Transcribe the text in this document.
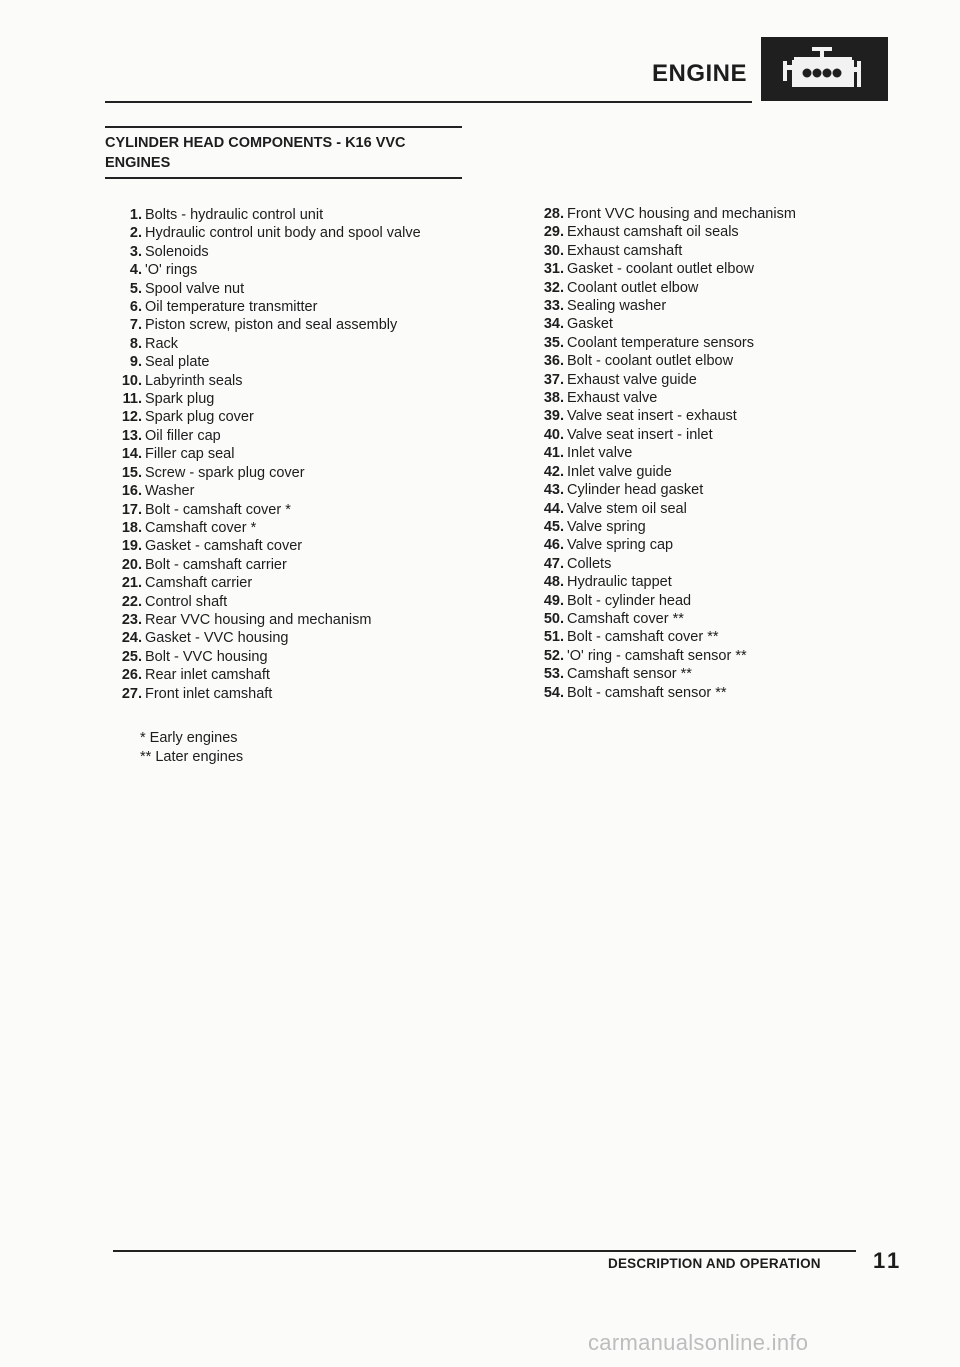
ENGINE
CYLINDER HEAD COMPONENTS - K16 VVC ENGINES
1. Bolts - hydraulic control unit
2. Hydraulic control unit body and spool valve
3. Solenoids
4. 'O' rings
5. Spool valve nut
6. Oil temperature transmitter
7. Piston screw, piston and seal assembly
8. Rack
9. Seal plate
10. Labyrinth seals
11. Spark plug
12. Spark plug cover
13. Oil filler cap
14. Filler cap seal
15. Screw - spark plug cover
16. Washer
17. Bolt - camshaft cover *
18. Camshaft cover *
19. Gasket - camshaft cover
20. Bolt - camshaft carrier
21. Camshaft carrier
22. Control shaft
23. Rear VVC housing and mechanism
24. Gasket - VVC housing
25. Bolt - VVC housing
26. Rear inlet camshaft
27. Front inlet camshaft
28. Front VVC housing and mechanism
29. Exhaust camshaft oil seals
30. Exhaust camshaft
31. Gasket - coolant outlet elbow
32. Coolant outlet elbow
33. Sealing washer
34. Gasket
35. Coolant temperature sensors
36. Bolt - coolant outlet elbow
37. Exhaust valve guide
38. Exhaust valve
39. Valve seat insert - exhaust
40. Valve seat insert - inlet
41. Inlet valve
42. Inlet valve guide
43. Cylinder head gasket
44. Valve stem oil seal
45. Valve spring
46. Valve spring cap
47. Collets
48. Hydraulic tappet
49. Bolt - cylinder head
50. Camshaft cover **
51. Bolt - camshaft cover **
52. 'O' ring - camshaft sensor **
53. Camshaft sensor **
54. Bolt - camshaft sensor **
* Early engines
** Later engines
DESCRIPTION AND OPERATION 11
carmanualsonline.info
